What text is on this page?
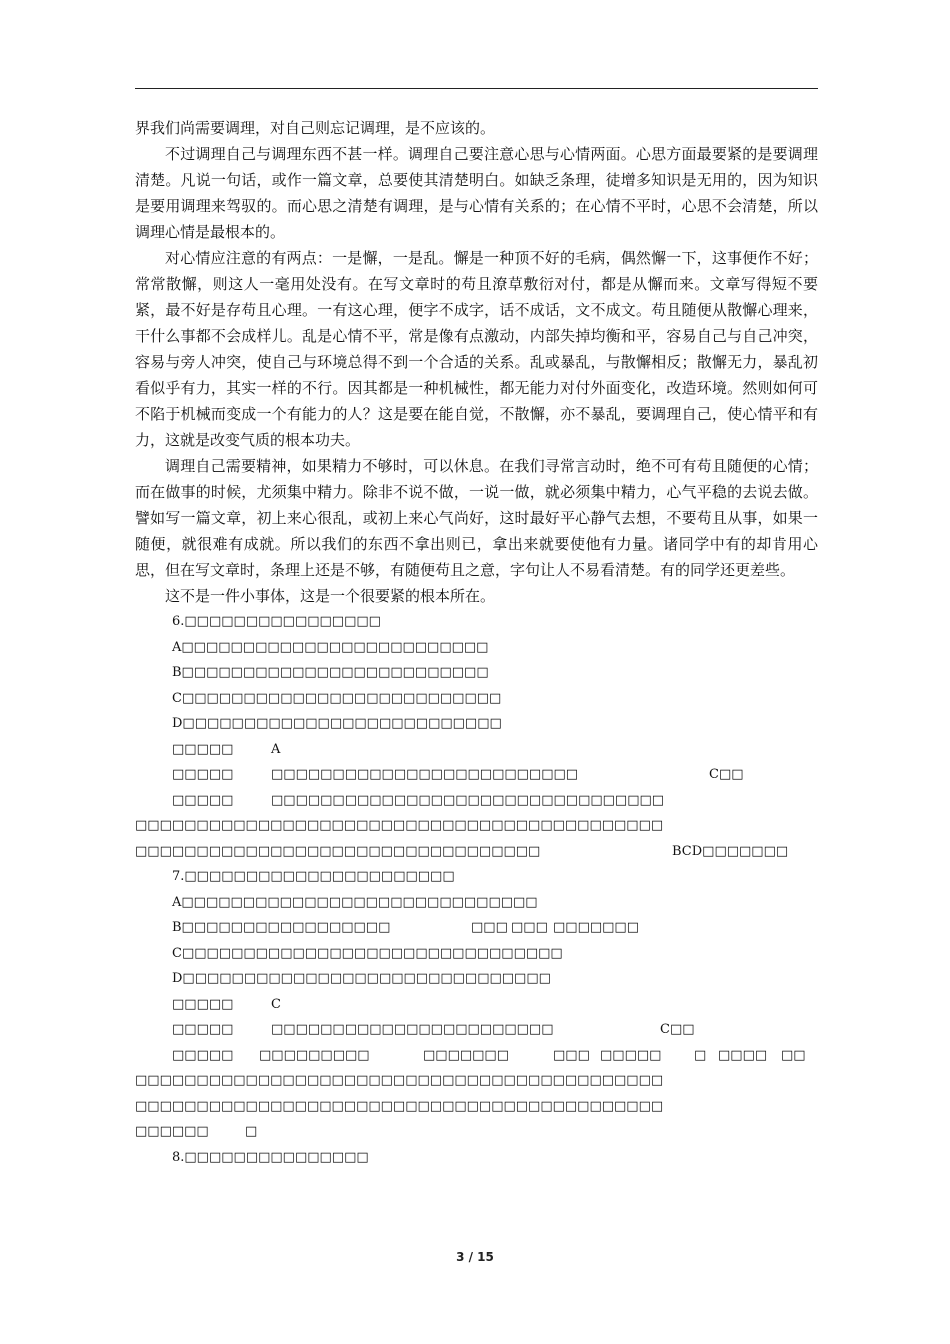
界我们尚需要调理，对自己则忘记调理，是不应该的。

不过调理自己与调理东西不甚一样。调理自己要注意心思与心情两面。心思方面最要紧的是要调理清楚。凡说一句话，或作一篇文章，总要使其清楚明白。如缺乏条理，徒增多知识是无用的，因为知识是要用调理来驾驭的。而心思之清楚有调理，是与心情有关系的；在心情不平时，心思不会清楚，所以调理心情是最根本的。

对心情应注意的有两点：一是懈，一是乱。懈是一种顶不好的毛病，偶然懈一下，这事便作不好；常常散懈，则这人一毫用处没有。在写文章时的苟且潦草敷衍对付，都是从懈而来。文章写得短不要紧，最不好是存苟且心理。一有这心理，便字不成字，话不成话，文不成文。苟且随便从散懈心理来，干什么事都不会成样儿。乱是心情不平，常是像有点激动，内部失掉均衡和平，容易自己与自己冲突，容易与旁人冲突，使自己与环境总得不到一个合适的关系。乱或暴乱，与散懈相反；散懈无力，暴乱初看似乎有力，其实一样的不行。因其都是一种机械性，都无能力对付外面变化，改造环境。然则如何可不陷于机械而变成一个有能力的人？这是要在能自觉，不散懈，亦不暴乱，要调理自己，使心情平和有力，这就是改变气质的根本功夫。

调理自己需要精神，如果精力不够时，可以休息。在我们寻常言动时，绝不可有苟且随便的心情；而在做事的时候，尤须集中精力。除非不说不做，一说一做，就必须集中精力，心气平稳的去说去做。譬如写一篇文章，初上来心很乱，或初上来心气尚好，这时最好平心静气去想，不要苟且从事，如果一随便，就很难有成就。所以我们的东西不拿出则已，拿出来就要使他有力量。诸同学中有的却肯用心思，但在写文章时，条理上还是不够，有随便苟且之意，字句让人不易看清楚。有的同学还更差些。

这不是一件小事体，这是一个很要紧的根本所在。

6.□□□□□□□□□□□□□□□□

A□□□□□□□□□□□□□□□□□□□□□□□□□

B□□□□□□□□□□□□□□□□□□□□□□□□□

C□□□□□□□□□□□□□□□□□□□□□□□□□□

D□□□□□□□□□□□□□□□□□□□□□□□□□□

□□□□□	A
□□□□□	□□□□□□□□□□□□□□□□□□□□□□□□□	C□□
□□□□□	□□□□□□□□□□□□□□□□□□□□□□□□□□□□□□□□

□□□□□□□□□□□□□□□□□□□□□□□□□□□□□□□□□□□□□□□□□□□

□□□□□□□□□□□□□□□□□□□□□□□□□□□□□□□□□	BCD□□□□□□□

7.□□□□□□□□□□□□□□□□□□□□□□

A□□□□□□□□□□□□□□□□□□□□□□□□□□□□□

B□□□□□□□□□□□□□□□□□	□□□ □□□ □□□□□□□

C□□□□□□□□□□□□□□□□□□□□□□□□□□□□□□□

D□□□□□□□□□□□□□□□□□□□□□□□□□□□□□□

□□□□□	C
□□□□□	□□□□□□□□□□□□□□□□□□□□□□□	C□□
□□□□□ □□□□□□□□□	□□□□□□□	□□□ □□□□□	□ □□□□ □□

□□□□□□□□□□□□□□□□□□□□□□□□□□□□□□□□□□□□□□□□□□□

□□□□□□□□□□□□□□□□□□□□□□□□□□□□□□□□□□□□□□□□□□□

□□□□□□	□

8.□□□□□□□□□□□□□□□

3 / 15
